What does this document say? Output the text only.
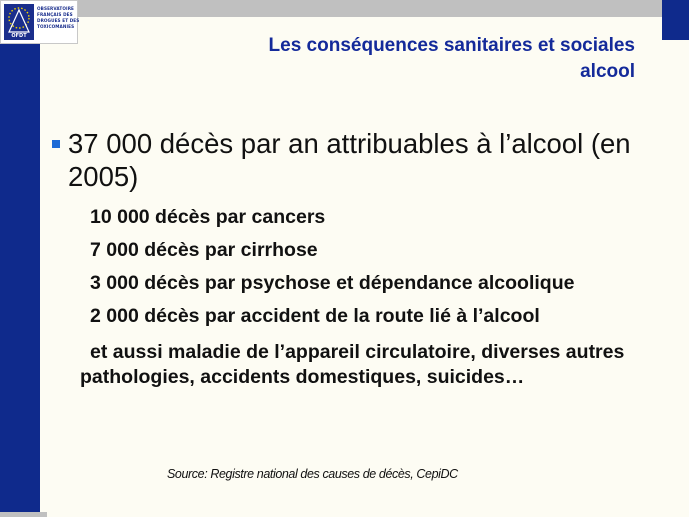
OFDT
OBSERVATOIRE
FRANÇAIS DES
DROGUES ET DES
TOXICOMANIES
Les conséquences sanitaires et sociales
alcool
37 000 décès par an attribuables à l’alcool (en 2005)
10 000 décès par cancers
7 000 décès par cirrhose
3 000 décès par psychose et dépendance alcoolique
2 000 décès par accident de la route lié à l’alcool
et aussi maladie de l’appareil circulatoire, diverses autres pathologies, accidents domestiques, suicides…
Source: Registre national des causes de décès, CepiDC
